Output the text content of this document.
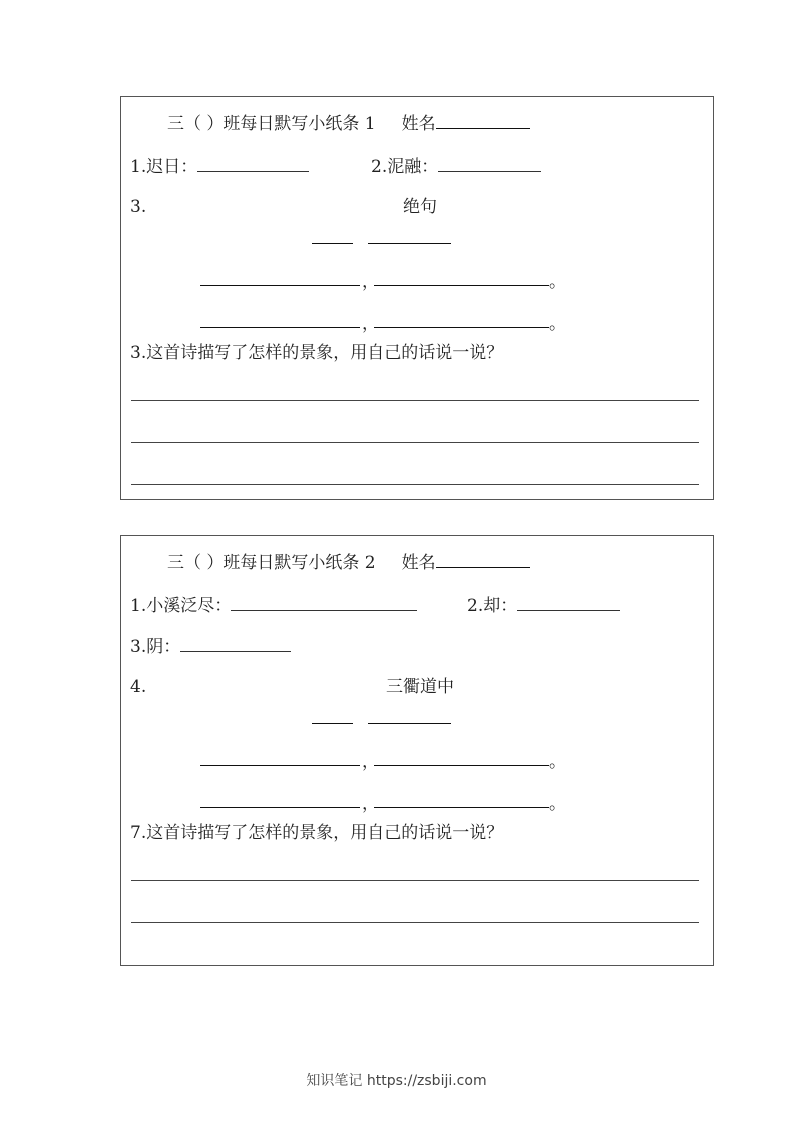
三（ ）班每日默写小纸条 1 姓名
1.迟日：	2.泥融：
3.	绝句
，	。
，	。
3.这首诗描写了怎样的景象，用自己的话说一说？
三（ ）班每日默写小纸条 2 姓名
1.小溪泛尽：	2.却：
3.阴：
4.	三衢道中
，	。
，	。
7.这首诗描写了怎样的景象，用自己的话说一说？
知识笔记 https://zsbiji.com
